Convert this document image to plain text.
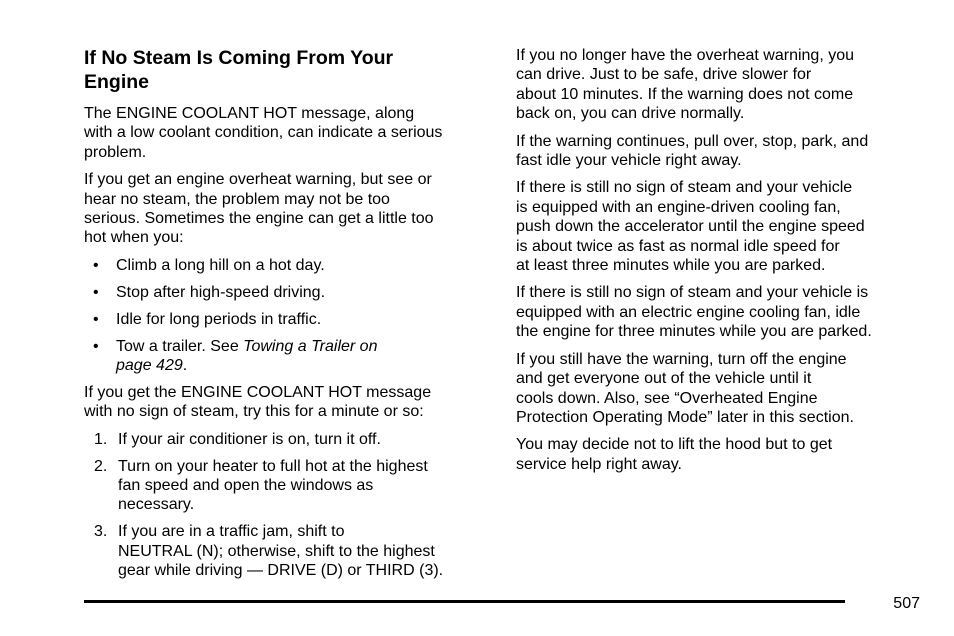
If No Steam Is Coming From Your
Engine

The ENGINE COOLANT HOT message, along
with a low coolant condition, can indicate a serious
problem.

If you get an engine overheat warning, but see or
hear no steam, the problem may not be too
serious. Sometimes the engine can get a little too
hot when you:

• Climb a long hill on a hot day.
• Stop after high-speed driving.
• Idle for long periods in traffic.
• Tow a trailer. See Towing a Trailer on
page 429.

If you get the ENGINE COOLANT HOT message
with no sign of steam, try this for a minute or so:

1. If your air conditioner is on, turn it off.
2. Turn on your heater to full hot at the highest
fan speed and open the windows as
necessary.
3. If you are in a traffic jam, shift to
NEUTRAL (N); otherwise, shift to the highest
gear while driving — DRIVE (D) or THIRD (3).

If you no longer have the overheat warning, you
can drive. Just to be safe, drive slower for
about 10 minutes. If the warning does not come
back on, you can drive normally.

If the warning continues, pull over, stop, park, and
fast idle your vehicle right away.

If there is still no sign of steam and your vehicle
is equipped with an engine-driven cooling fan,
push down the accelerator until the engine speed
is about twice as fast as normal idle speed for
at least three minutes while you are parked.

If there is still no sign of steam and your vehicle is
equipped with an electric engine cooling fan, idle
the engine for three minutes while you are parked.

If you still have the warning, turn off the engine
and get everyone out of the vehicle until it
cools down. Also, see “Overheated Engine
Protection Operating Mode” later in this section.

You may decide not to lift the hood but to get
service help right away.

507
